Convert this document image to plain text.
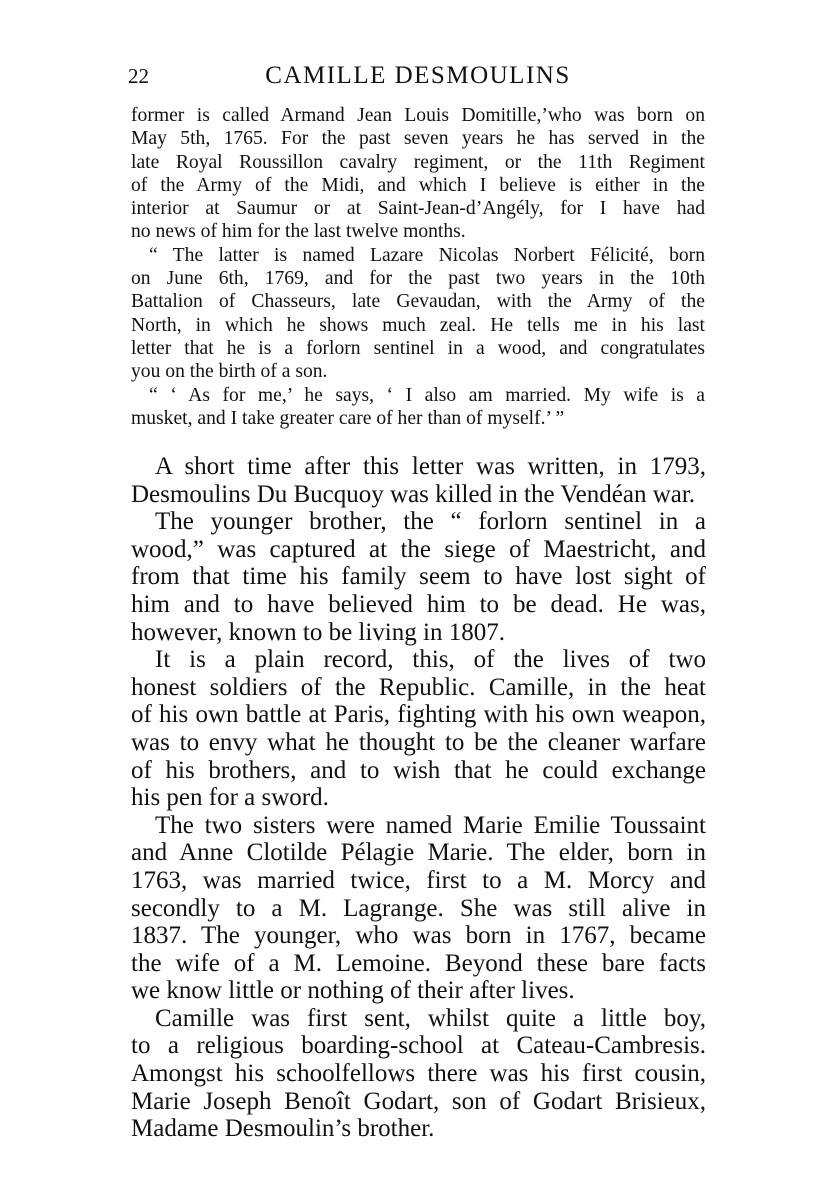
22	CAMILLE DESMOULINS

former is called Armand Jean Louis Domitille,’who was born on
May 5th, 1765. For the past seven years he has served in the
late Royal Roussillon cavalry regiment, or the 11th Regiment
of the Army of the Midi, and which I believe is either in the
interior at Saumur or at Saint-Jean-d’Angély, for I have had
no news of him for the last twelve months.

“ The latter is named Lazare Nicolas Norbert Félicité, born
on June 6th, 1769, and for the past two years in the 10th
Battalion of Chasseurs, late Gevaudan, with the Army of the
North, in which he shows much zeal. He tells me in his last
letter that he is a forlorn sentinel in a wood, and congratulates
you on the birth of a son.

“ ‘ As for me,’ he says, ‘ I also am married. My wife is a
musket, and I take greater care of her than of myself.’ ”

A short time after this letter was written, in 1793,
Desmoulins Du Bucquoy was killed in the Vendéan war.

The younger brother, the “ forlorn sentinel in a
wood,” was captured at the siege of Maestricht, and
from that time his family seem to have lost sight of
him and to have believed him to be dead. He was,
however, known to be living in 1807.

It is a plain record, this, of the lives of two
honest soldiers of the Republic. Camille, in the heat
of his own battle at Paris, fighting with his own weapon,
was to envy what he thought to be the cleaner warfare
of his brothers, and to wish that he could exchange
his pen for a sword.

The two sisters were named Marie Emilie Toussaint
and Anne Clotilde Pélagie Marie. The elder, born in
1763, was married twice, first to a M. Morcy and
secondly to a M. Lagrange. She was still alive in
1837. The younger, who was born in 1767, became
the wife of a M. Lemoine. Beyond these bare facts
we know little or nothing of their after lives.

Camille was first sent, whilst quite a little boy,
to a religious boarding-school at Cateau-Cambresis.
Amongst his schoolfellows there was his first cousin,
Marie Joseph Benoît Godart, son of Godart Brisieux,
Madame Desmoulin’s brother.
